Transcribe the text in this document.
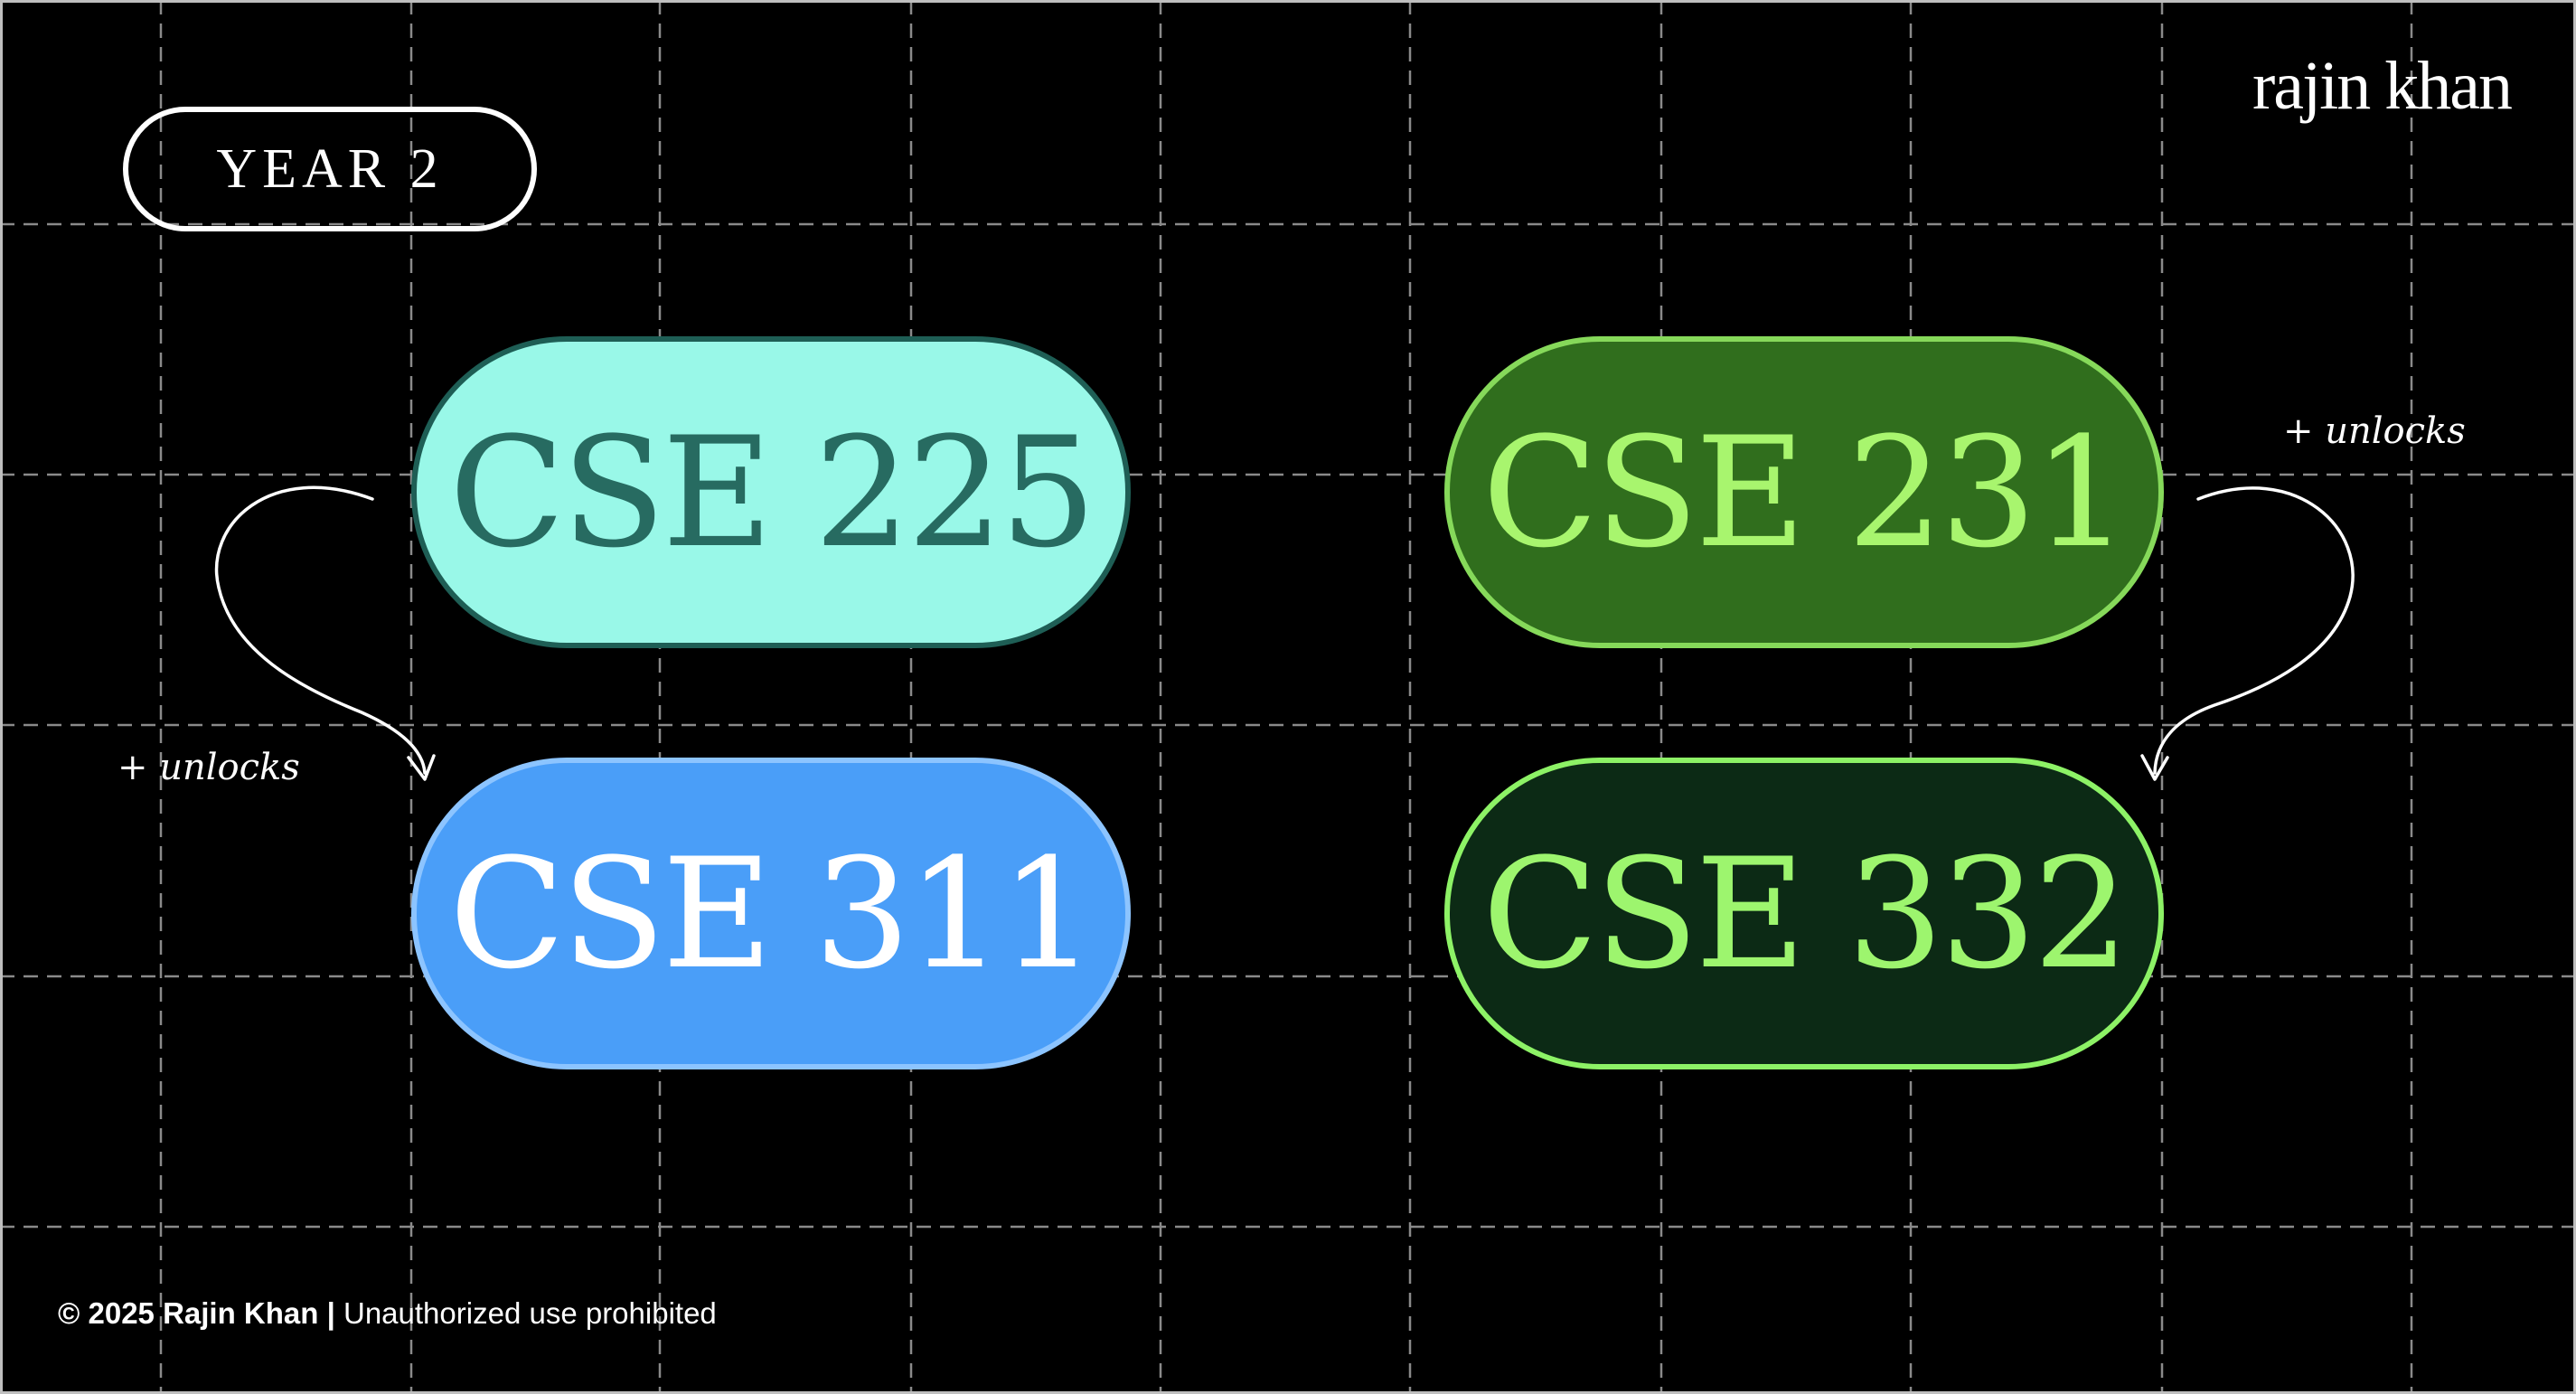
YEAR 2
rajin khan
CSE 225	CSE 231
CSE 311	CSE 332
+ unlocks
+ unlocks
© 2025 Rajin Khan | Unauthorized use prohibited
